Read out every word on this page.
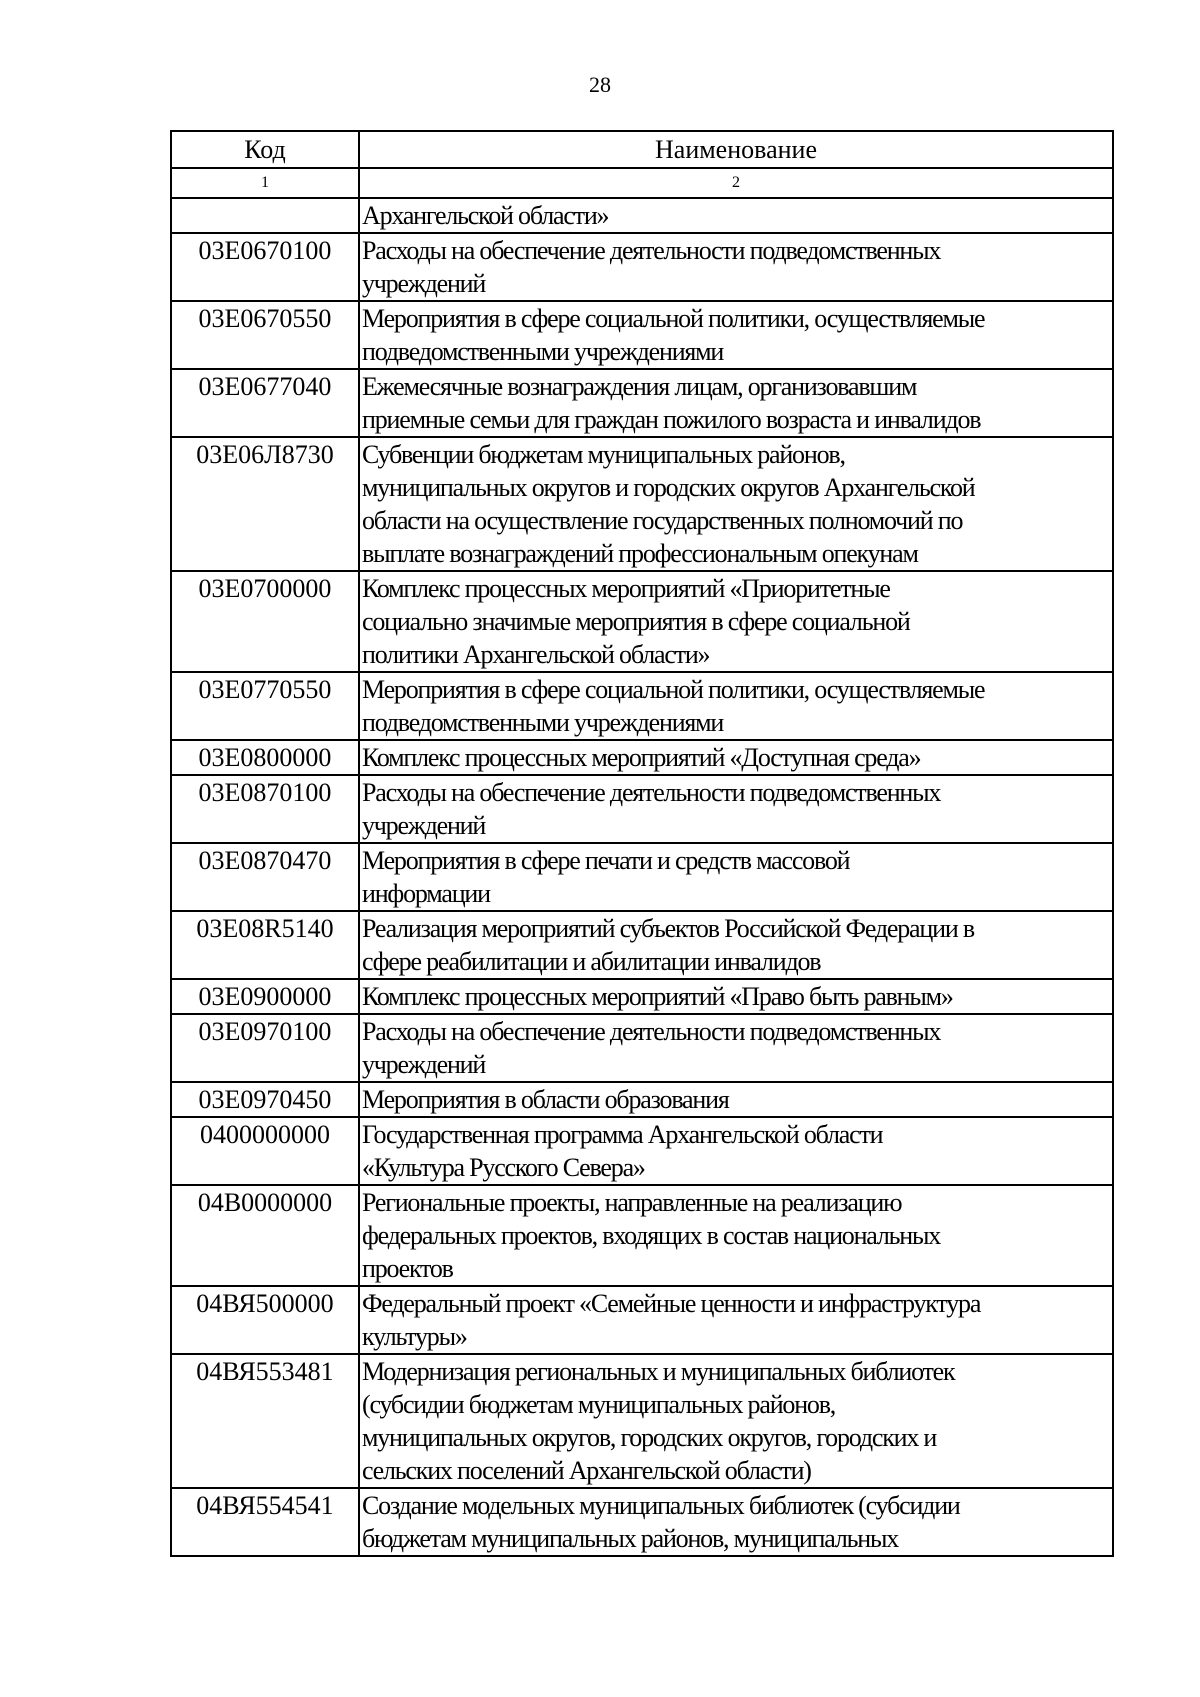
28
Код	Наименование
1	2

	Архангельской области»

03Е0670100	Расходы на обеспечение деятельности подведомственных
учреждений

03Е0670550	Мероприятия в сфере социальной политики, осуществляемые
подведомственными учреждениями

03Е0677040	Ежемесячные вознаграждения лицам, организовавшим
приемные семьи для граждан пожилого возраста и инвалидов

03Е06Л8730	Субвенции бюджетам муниципальных районов,
муниципальных округов и городских округов Архангельской
области на осуществление государственных полномочий по
выплате вознаграждений профессиональным опекунам

03Е0700000	Комплекс процессных мероприятий «Приоритетные
социально значимые мероприятия в сфере социальной
политики Архангельской области»

03Е0770550	Мероприятия в сфере социальной политики, осуществляемые
подведомственными учреждениями

03Е0800000	Комплекс процессных мероприятий «Доступная среда»

03Е0870100	Расходы на обеспечение деятельности подведомственных
учреждений

03Е0870470	Мероприятия в сфере печати и средств массовой
информации

03Е08R5140	Реализация мероприятий субъектов Российской Федерации в
сфере реабилитации и абилитации инвалидов

03Е0900000	Комплекс процессных мероприятий «Право быть равным»

03Е0970100	Расходы на обеспечение деятельности подведомственных
учреждений

03Е0970450	Мероприятия в области образования

0400000000	Государственная программа Архангельской области
«Культура Русского Севера»

04В0000000	Региональные проекты, направленные на реализацию
федеральных проектов, входящих в состав национальных
проектов

04ВЯ500000	Федеральный проект «Семейные ценности и инфраструктура
культуры»

04ВЯ553481	Модернизация региональных и муниципальных библиотек
(субсидии бюджетам муниципальных районов,
муниципальных округов, городских округов, городских и
сельских поселений Архангельской области)

04ВЯ554541	Создание модельных муниципальных библиотек (субсидии
бюджетам муниципальных районов, муниципальных
